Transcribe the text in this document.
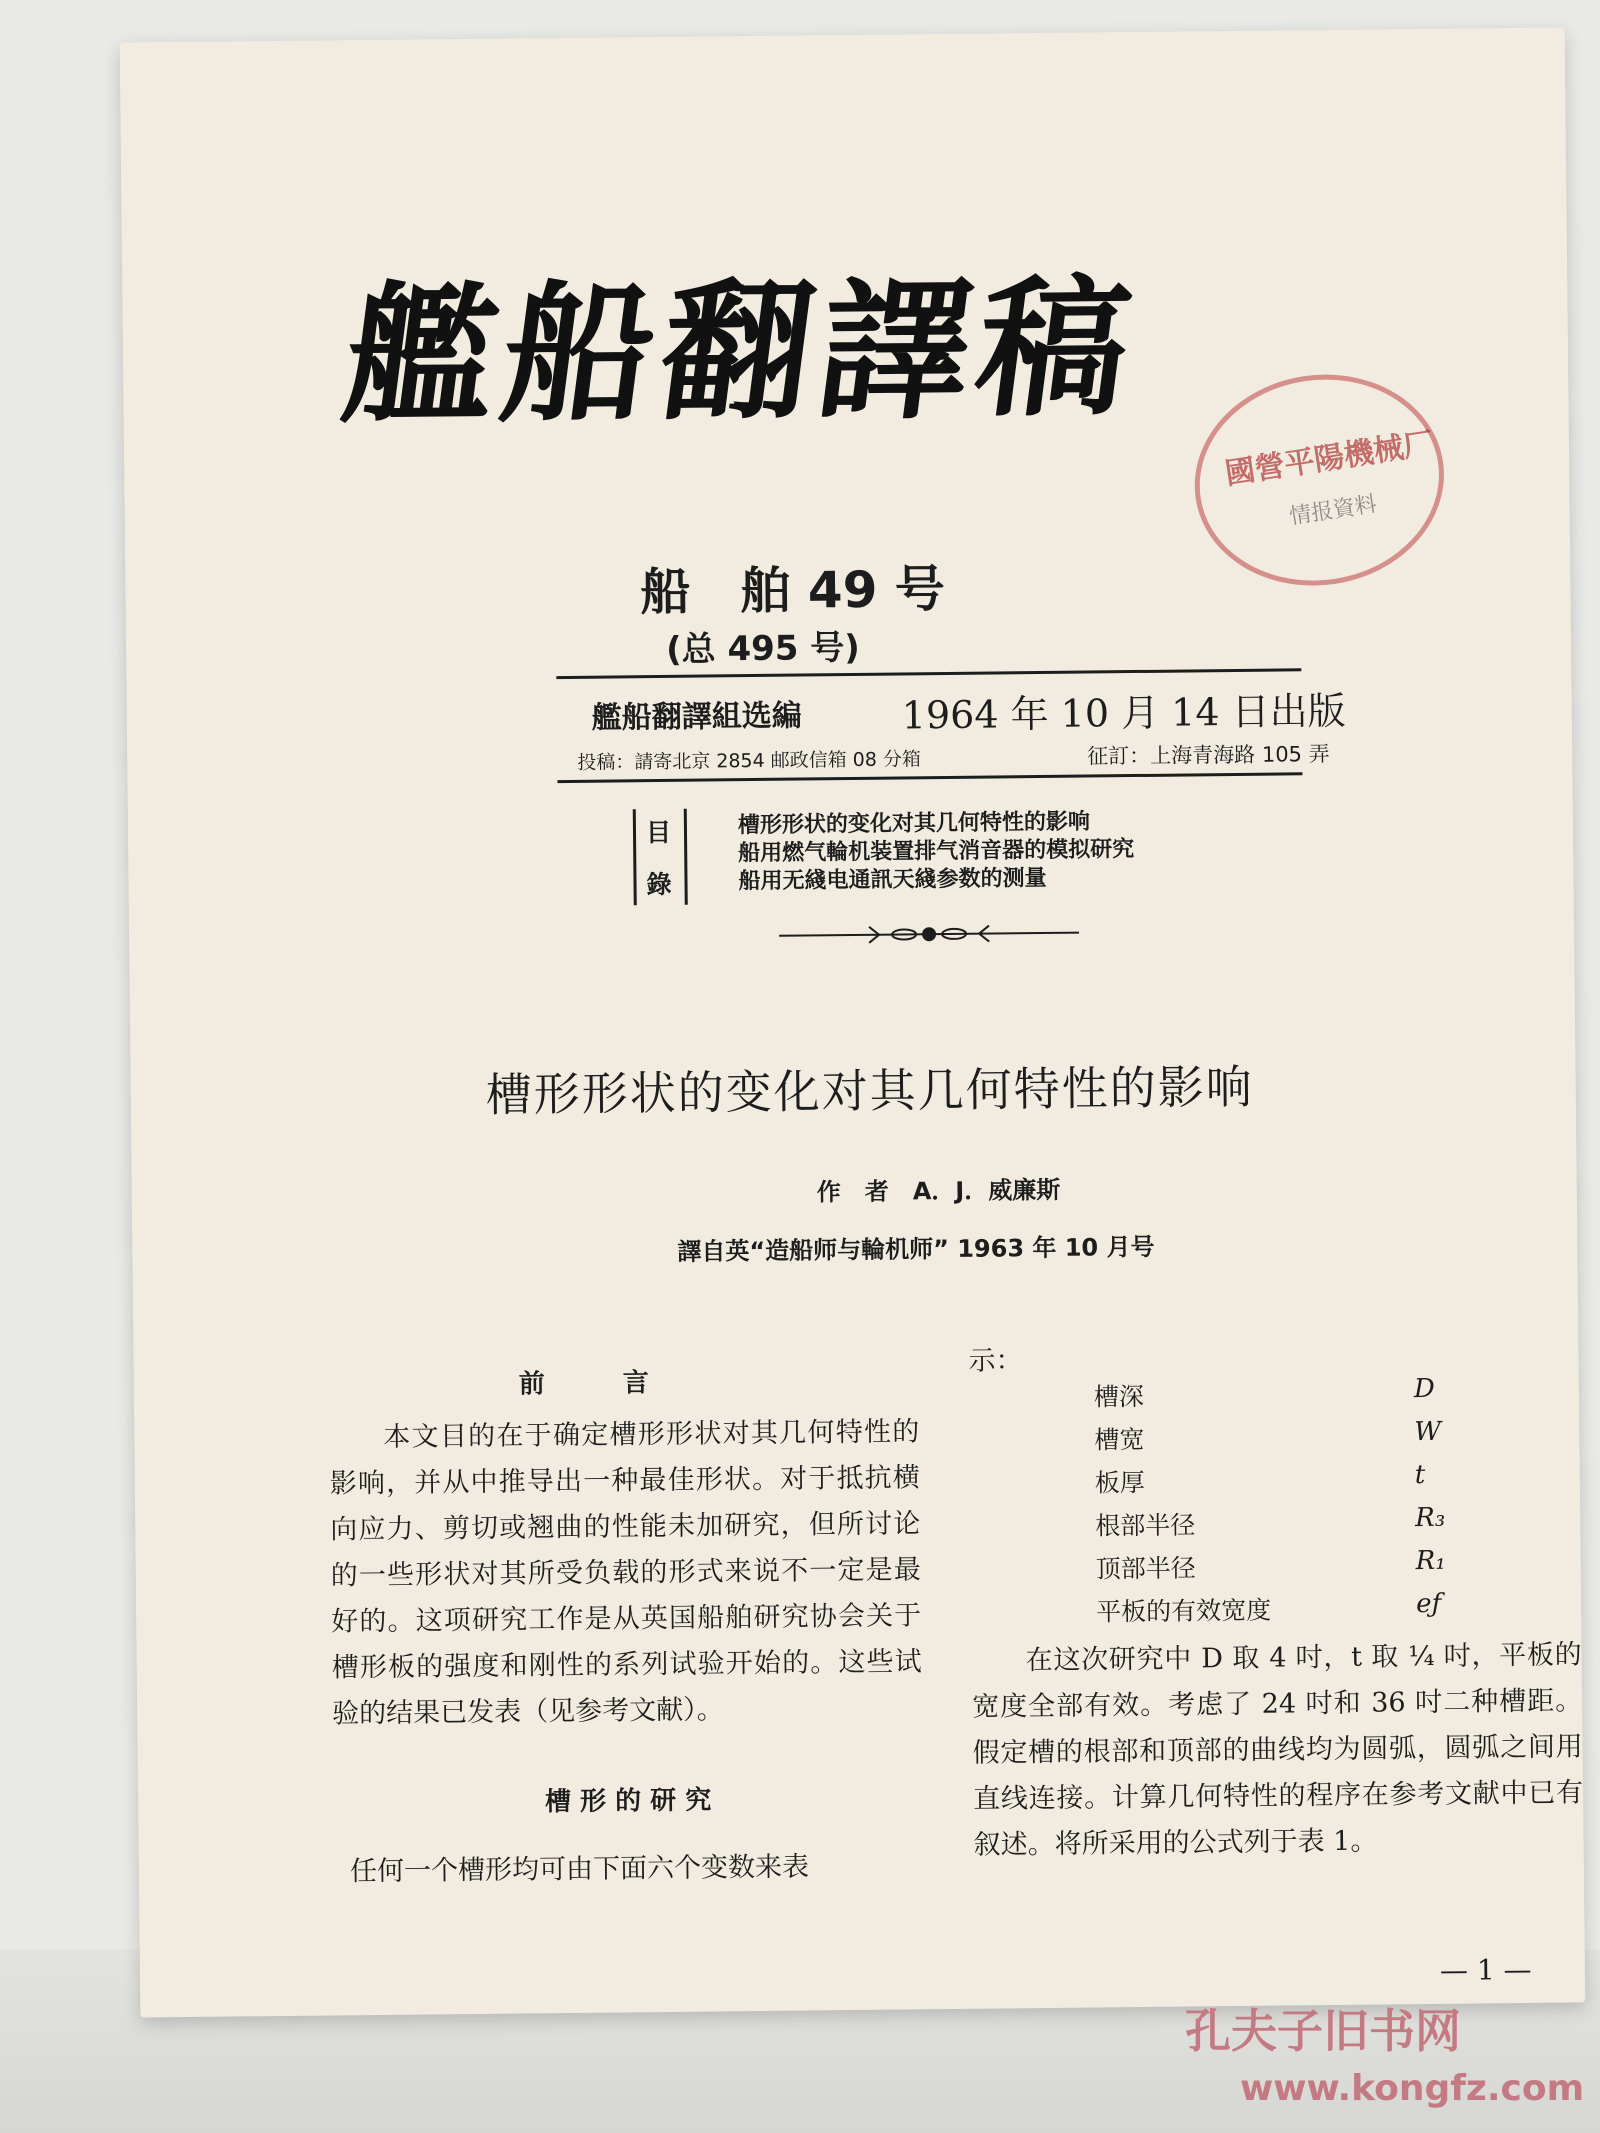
艦船翻譯稿
國營平陽機械厂
情报資料
船　舶 49 号
(总 495 号)
艦船翻譯組选編	1964 年 10 月 14 日出版
投稿：請寄北京 2854 邮政信箱 08 分箱	征訂：上海青海路 105 弄
目
錄
槽形形状的变化对其几何特性的影响
船用燃气輪机装置排气消音器的模拟研究
船用无綫电通訊天綫参数的测量
槽形形状的变化对其几何特性的影响
作　者　A．J．威廉斯
譯自英“造船师与輪机师” 1963 年 10 月号
前　　　言

本文目的在于确定槽形形状对其几何特性的影响，并从中推导出一种最佳形状。对于抵抗横向应力、剪切或翘曲的性能未加研究，但所讨论的一些形状对其所受负载的形式来说不一定是最好的。这项研究工作是从英国船舶研究协会关于槽形板的强度和刚性的系列试验开始的。这些试验的结果已发表（见参考文献）。

槽 形 的 研 究

任何一个槽形均可由下面六个变数来表

示：
槽深	D
槽宽	W
板厚	t
根部半径	R₃
顶部半径	R₁
平板的有效宽度	eƒ

在这次研究中 D 取 4 吋，t 取 ¼ 吋，平板的宽度全部有效。考虑了 24 吋和 36 吋二种槽距。假定槽的根部和顶部的曲线均为圆弧，圆弧之间用直线连接。计算几何特性的程序在参考文献中已有叙述。将所采用的公式列于表 1。

— 1 —
孔夫子旧书网
www.kongfz.com
